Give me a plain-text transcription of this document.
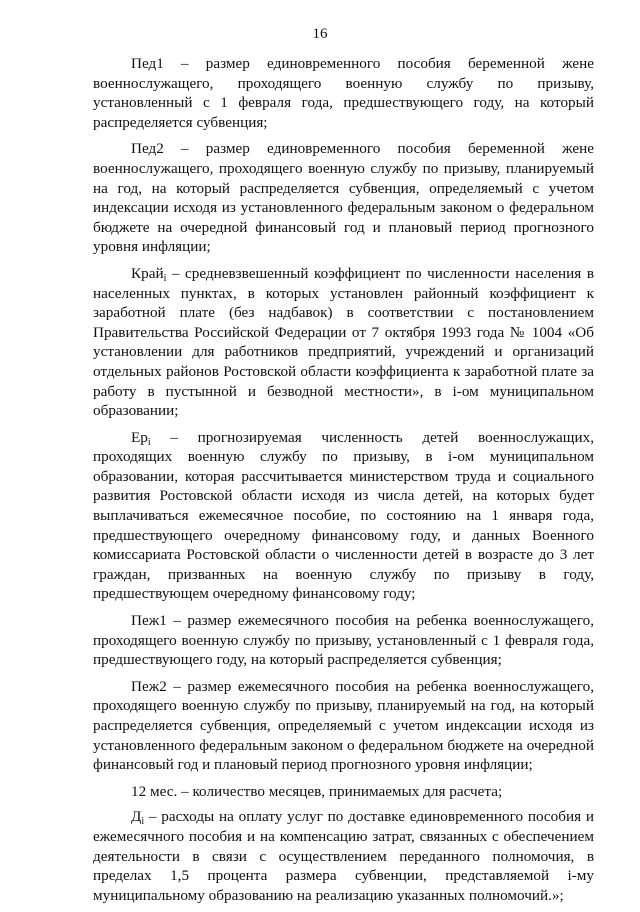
16

Пед1 – размер единовременного пособия беременной жене военнослужащего, проходящего военную службу по призыву, установленный с 1 февраля года, предшествующего году, на который распределяется субвенция;

Пед2 – размер единовременного пособия беременной жене военнослужащего, проходящего военную службу по призыву, планируемый на год, на который распределяется субвенция, определяемый с учетом индексации исходя из установленного федеральным законом о федеральном бюджете на очередной финансовый год и плановый период прогнозного уровня инфляции;

Край$_i$ – средневзвешенный коэффициент по численности населения в населенных пунктах, в которых установлен районный коэффициент к заработной плате (без надбавок) в соответствии с постановлением Правительства Российской Федерации от 7 октября 1993 года № 1004 «Об установлении для работников предприятий, учреждений и организаций отдельных районов Ростовской области коэффициента к заработной плате за работу в пустынной и безводной местности», в i-ом муниципальном образовании;

$Ер_i$ – прогнозируемая численность детей военнослужащих, проходящих военную службу по призыву, в i-ом муниципальном образовании, которая рассчитывается министерством труда и социального развития Ростовской области исходя из числа детей, на которых будет выплачиваться ежемесячное пособие, по состоянию на 1 января года, предшествующего очередному финансовому году, и данных Военного комиссариата Ростовской области о численности детей в возрасте до 3 лет граждан, призванных на военную службу по призыву в году, предшествующем очередному финансовому году;

Пеж1 – размер ежемесячного пособия на ребенка военнослужащего, проходящего военную службу по призыву, установленный с 1 февраля года, предшествующего году, на который распределяется субвенция;

Пеж2 – размер ежемесячного пособия на ребенка военнослужащего, проходящего военную службу по призыву, планируемый на год, на который распределяется субвенция, определяемый с учетом индексации исходя из установленного федеральным законом о федеральном бюджете на очередной финансовый год и плановый период прогнозного уровня инфляции;

12 мес. – количество месяцев, принимаемых для расчета;

$Д_i$ – расходы на оплату услуг по доставке единовременного пособия и ежемесячного пособия и на компенсацию затрат, связанных с обеспечением деятельности в связи с осуществлением переданного полномочия, в пределах 1,5 процента размера субвенции, представляемой i-му муниципальному образованию на реализацию указанных полномочий.»;
